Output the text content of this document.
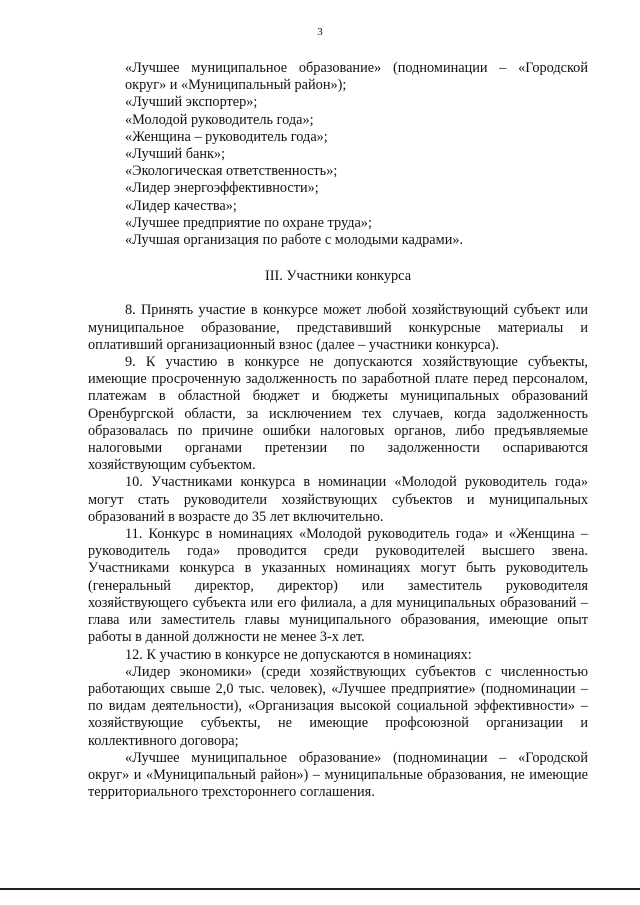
3

«Лучшее муниципальное образование» (подноминации – «Городской округ» и «Муниципальный район»);

«Лучший экспортер»;

«Молодой руководитель года»;

«Женщина – руководитель года»;

«Лучший банк»;

«Экологическая ответственность»;

«Лидер энергоэффективности»;

«Лидер качества»;

«Лучшее предприятие по охране труда»;

«Лучшая организация по работе с молодыми кадрами».

III. Участники конкурса

8. Принять участие в конкурсе может любой хозяйствующий субъект или муниципальное образование, представивший конкурсные материалы и оплативший организационный взнос (далее – участники конкурса).

9. К участию в конкурсе не допускаются хозяйствующие субъекты, имеющие просроченную задолженность по заработной плате перед персоналом, платежам в областной бюджет и бюджеты муниципальных образований Оренбургской области, за исключением тех случаев, когда задолженность образовалась по причине ошибки налоговых органов, либо предъявляемые налоговыми органами претензии по задолженности оспариваются хозяйствующим субъектом.

10. Участниками конкурса в номинации «Молодой руководитель года» могут стать руководители хозяйствующих субъектов и муниципальных образований в возрасте до 35 лет включительно.

11. Конкурс в номинациях «Молодой руководитель года» и «Женщина – руководитель года» проводится среди руководителей высшего звена. Участниками конкурса в указанных номинациях могут быть руководитель (генеральный директор, директор) или заместитель руководителя хозяйствующего субъекта или его филиала, а для муниципальных образований – глава или заместитель главы муниципального образования, имеющие опыт работы в данной должности не менее 3-х лет.

12. К участию в конкурсе не допускаются в номинациях:

«Лидер экономики» (среди хозяйствующих субъектов с численностью работающих свыше 2,0 тыс. человек), «Лучшее предприятие» (подноминации – по видам деятельности), «Организация высокой социальной эффективности» – хозяйствующие субъекты, не имеющие профсоюзной организации и коллективного договора;

«Лучшее муниципальное образование» (подноминации – «Городской округ» и «Муниципальный район») – муниципальные образования, не имеющие территориального трехстороннего соглашения.
